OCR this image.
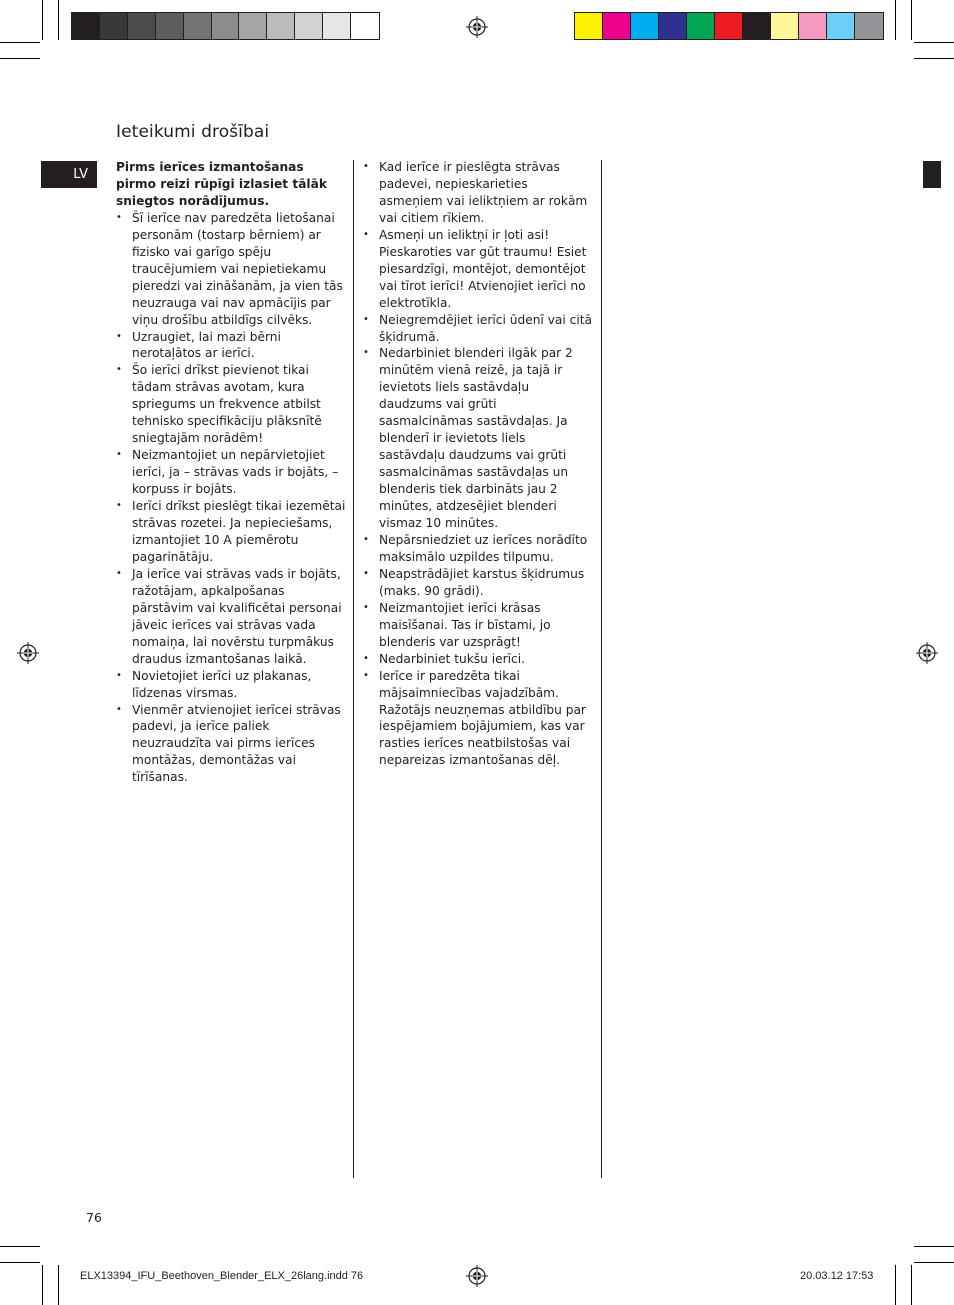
Ieteikumi drošībai
LV	Pirms ierīces izmantošanas pirmo reizi rūpīgi izlasiet tālāk sniegtos norādījumus.

• Šī ierīce nav paredzēta lietošanai personām (tostarp bērniem) ar fizisko vai garīgo spēju traucējumiem vai nepietiekamu pieredzi vai zināšanām, ja vien tās neuzrauga vai nav apmācījis par viņu drošību atbildīgs cilvēks.
• Uzraugiet, lai mazi bērni nerotaļātos ar ierīci.
• Šo ierīci drīkst pievienot tikai tādam strāvas avotam, kura spriegums un frekvence atbilst tehnisko specifikāciju plāksnītē sniegtajām norādēm!
• Neizmantojiet un nepārvietojiet ierīci, ja – strāvas vads ir bojāts, – korpuss ir bojāts.
• Ierīci drīkst pieslēgt tikai iezemētai strāvas rozetei. Ja nepieciešams, izmantojiet 10 A piemērotu pagarinātāju.
• Ja ierīce vai strāvas vads ir bojāts, ražotājam, apkalpošanas pārstāvim vai kvalificētai personai jāveic ierīces vai strāvas vada nomaiņa, lai novērstu turpmākus draudus izmantošanas laikā.
• Novietojiet ierīci uz plakanas, līdzenas virsmas.
• Vienmēr atvienojiet ierīcei strāvas padevi, ja ierīce paliek neuzraudzīta vai pirms ierīces montāžas, demontāžas vai tīrīšanas.
• Kad ierīce ir pieslēgta strāvas padevei, nepieskarieties asmeņiem vai ieliktņiem ar rokām vai citiem rīkiem.
• Asmeņi un ieliktņi ir ļoti asi! Pieskaroties var gūt traumu! Esiet piesardzīgi, montējot, demontējot vai tīrot ierīci! Atvienojiet ierīci no elektrotīkla.
• Neiegremdējiet ierīci ūdenī vai citā šķidrumā.
• Nedarbiniet blenderi ilgāk par 2 minūtēm vienā reizē, ja tajā ir ievietots liels sastāvdaļu daudzums vai grūti sasmalcināmas sastāvdaļas. Ja blenderī ir ievietots liels sastāvdaļu daudzums vai grūti sasmalcināmas sastāvdaļas un blenderis tiek darbināts jau 2 minūtes, atdzesējiet blenderi vismaz 10 minūtes.
• Nepārsniedziet uz ierīces norādīto maksimālo uzpildes tilpumu.
• Neapstrādājiet karstus šķidrumus (maks. 90 grādi).
• Neizmantojiet ierīci krāsas maisīšanai. Tas ir bīstami, jo blenderis var uzsprāgt!
• Nedarbiniet tukšu ierīci.
• Ierīce ir paredzēta tikai mājsaimniecības vajadzībām. Ražotājs neuzņemas atbildību par iespējamiem bojājumiem, kas var rasties ierīces neatbilstošas vai nepareizas izmantošanas dēļ.
76
ELX13394_IFU_Beethoven_Blender_ELX_26lang.indd 76	20.03.12 17:53
